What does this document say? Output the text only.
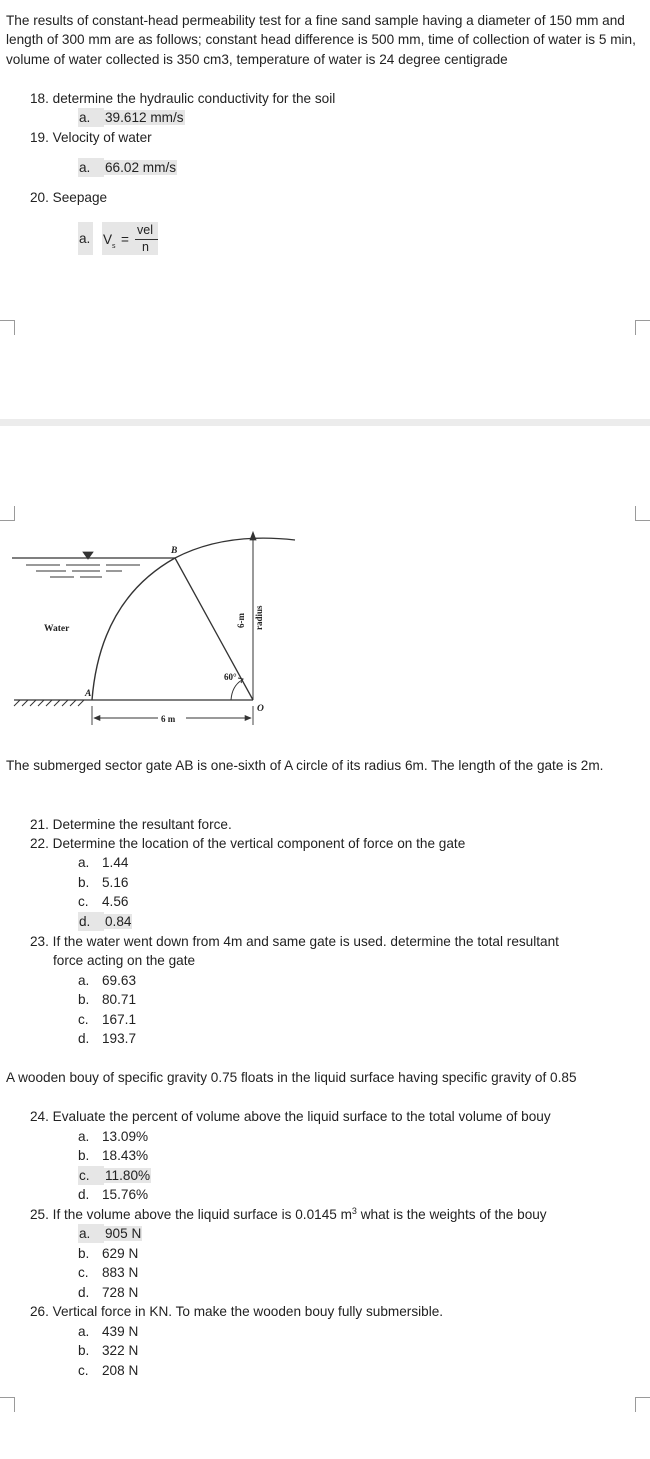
The results of constant-head permeability test for a fine sand sample having a diameter of 150 mm and length of 300 mm are as follows; constant head difference is 500 mm, time of collection of water is 5 min, volume of water collected is 350 cm3, temperature of water is 24 degree centigrade
18. determine the hydraulic conductivity for the soil
a. 39.612 mm/s
19. Velocity of water
a. 66.02 mm/s
20. Seepage
a. V s =
vel
n
B
A
O
Water
60°
6 m
6-m radius
The submerged sector gate AB is one-sixth of A circle of its radius 6m. The length of the gate is 2m.
21. Determine the resultant force.
22. Determine the location of the vertical component of force on the gate
a. 1.44
b. 5.16
c. 4.56
d. 0.84
23. If the water went down from 4m and same gate is used. determine the total resultant
force acting on the gate
a. 69.63
b. 80.71
c. 167.1
d. 193.7
A wooden bouy of specific gravity 0.75 floats in the liquid surface having specific gravity of 0.85
24. Evaluate the percent of volume above the liquid surface to the total volume of bouy
a. 13.09%
b. 18.43%
c. 11.80%
d. 15.76%
25. If the volume above the liquid surface is 0.0145 $m^3$ what is the weights of the bouy
a. 905 N
b. 629 N
c. 883 N
d. 728 N
26. Vertical force in KN. To make the wooden bouy fully submersible.
a. 439 N
b. 322 N
c. 208 N
